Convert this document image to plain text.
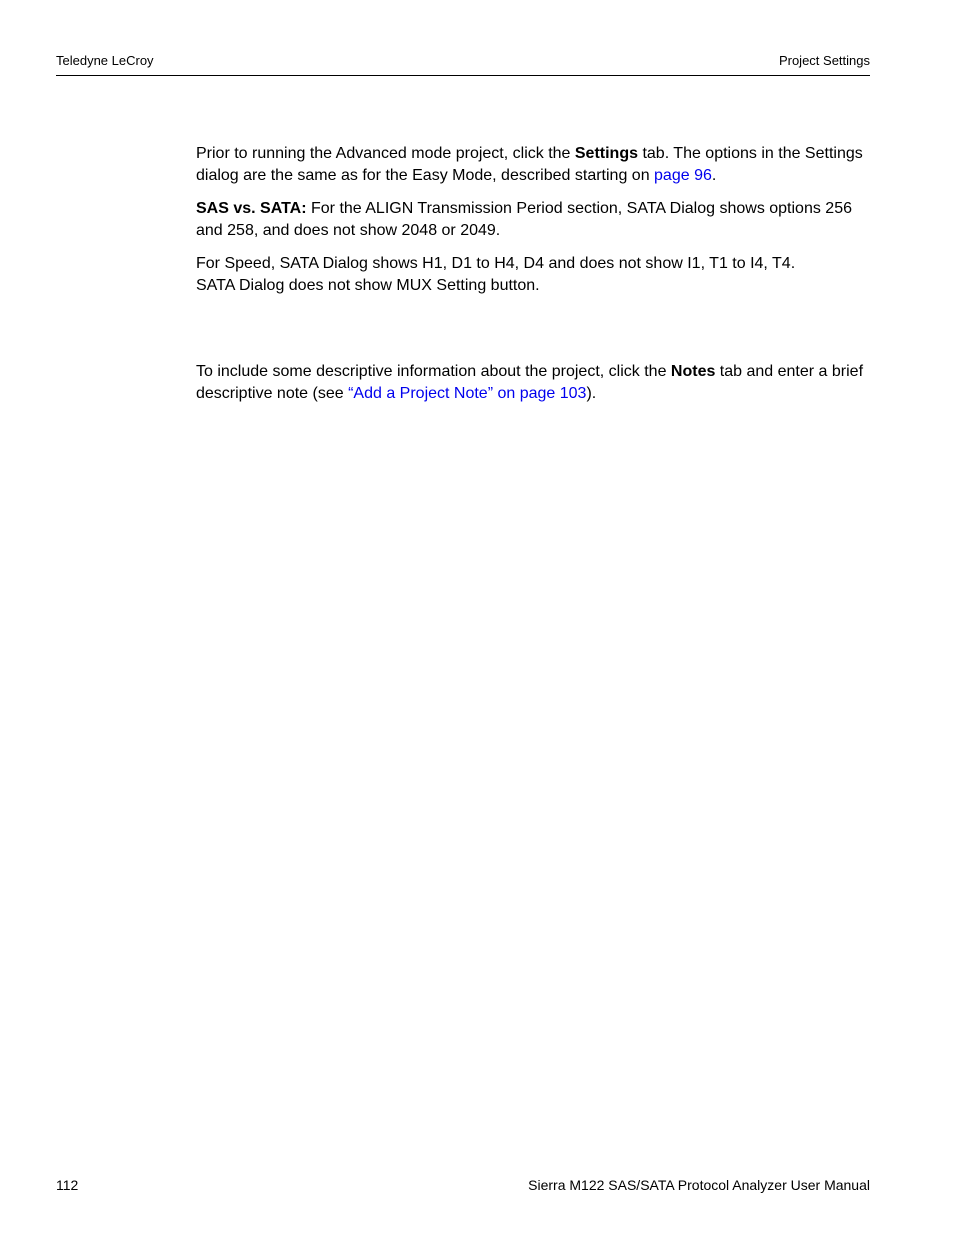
Teledyne LeCroy	Project Settings

Prior to running the Advanced mode project, click the Settings tab. The options in the Settings dialog are the same as for the Easy Mode, described starting on page 96.

SAS vs. SATA: For the ALIGN Transmission Period section, SATA Dialog shows options 256 and 258, and does not show 2048 or 2049.

For Speed, SATA Dialog shows H1, D1 to H4, D4 and does not show I1, T1 to I4, T4.
SATA Dialog does not show MUX Setting button.

To include some descriptive information about the project, click the Notes tab and enter a brief descriptive note (see “Add a Project Note” on page 103).

112	Sierra M122 SAS/SATA Protocol Analyzer User Manual
